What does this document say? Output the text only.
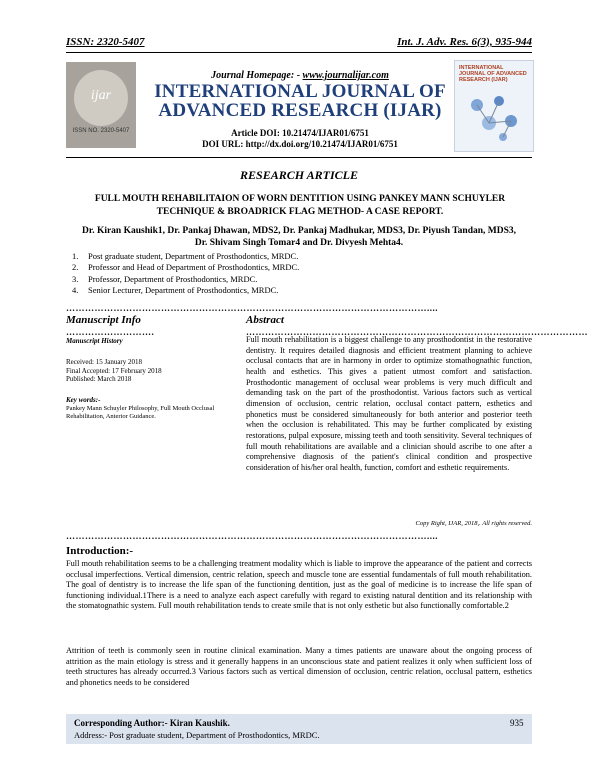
ISSN: 2320-5407	Int. J. Adv. Res. 6(3), 935-944
ijar
ISSN NO. 2320-5407
Journal Homepage: - www.journalijar.com
INTERNATIONAL JOURNAL OF ADVANCED RESEARCH (IJAR)
Article DOI: 10.21474/IJAR01/6751
DOI URL: http://dx.doi.org/10.21474/IJAR01/6751
INTERNATIONAL JOURNAL OF ADVANCED RESEARCH (IJAR)
RESEARCH ARTICLE
FULL MOUTH REHABILITAION OF WORN DENTITION USING PANKEY MANN SCHUYLER TECHNIQUE & BROADRICK FLAG METHOD- A CASE REPORT.
Dr. Kiran Kaushik1, Dr. Pankaj Dhawan, MDS2, Dr. Pankaj Madhukar, MDS3, Dr. Piyush Tandan, MDS3,
Dr. Shivam Singh Tomar4 and Dr. Divyesh Mehta4.
1.	Post graduate student, Department of Prosthodontics, MRDC.
2.	Professor and Head of Department of Prosthodontics, MRDC.
3.	Professor, Department of Prosthodontics, MRDC.
4.	Senior Lecturer, Department of Prosthodontics, MRDC.
……………………………………………………………………………………………………....
Manuscript Info	Abstract
……………………….	………………………………………………………………………………………………
Manuscript History
Received: 15 January 2018
Final Accepted: 17 February 2018
Published: March 2018
Key words:-
Pankey Mann Schuyler Philosophy, Full Mouth Occlusal Rehabilitation, Anterior Guidance.
Full mouth rehabilitation is a biggest challenge to any prosthodontist in the restorative dentistry. It requires detailed diagnosis and efficient treatment planning to achieve occlusal contacts that are in harmony in order to optimize stomathognathic function, health and esthetics. This gives a patient utmost comfort and satisfaction. Prosthodontic management of occlusal wear problems is very much difficult and demanding task on the part of the prosthodontist. Various factors such as vertical dimension of occlusion, centric relation, occlusal contact pattern, esthetics and phonetics must be considered simultaneously for both anterior and posterior teeth when the occlusion is rehabilitated. This may be further complicated by existing restorations, pulpal exposure, missing teeth and tooth sensitivity. Several techniques of full mouth rehabilitations are available and a clinician should ascribe to one after a comprehensive diagnosis of the patient's clinical condition and prospective consideration of his/her oral health, function, comfort and esthetic requirements.
Copy Right, IJAR, 2018,. All rights reserved.
……………………………………………………………………………………………………....
Introduction:-
Full mouth rehabilitation seems to be a challenging treatment modality which is liable to improve the appearance of the patient and corrects occlusal imperfections. Vertical dimension, centric relation, speech and muscle tone are essential fundamentals of full mouth rehabilitation. The goal of dentistry is to increase the life span of the functioning dentition, just as the goal of medicine is to increase the life span of functioning individual.1There is a need to analyze each aspect carefully with regard to existing natural dentition and its relationship with the stomatognathic system. Full mouth rehabilitation tends to create smile that is not only esthetic but also functionally comfortable.2
Attrition of teeth is commonly seen in routine clinical examination. Many a times patients are unaware about the ongoing process of attrition as the main etiology is stress and it generally happens in an unconscious state and patient realizes it only when sufficient loss of teeth structures has already occurred.3 Various factors such as vertical dimension of occlusion, centric relation, occlusal pattern, esthetics and phonetics needs to be considered
Corresponding Author:- Kiran Kaushik.
Address:- Post graduate student, Department of Prosthodontics, MRDC.
935
